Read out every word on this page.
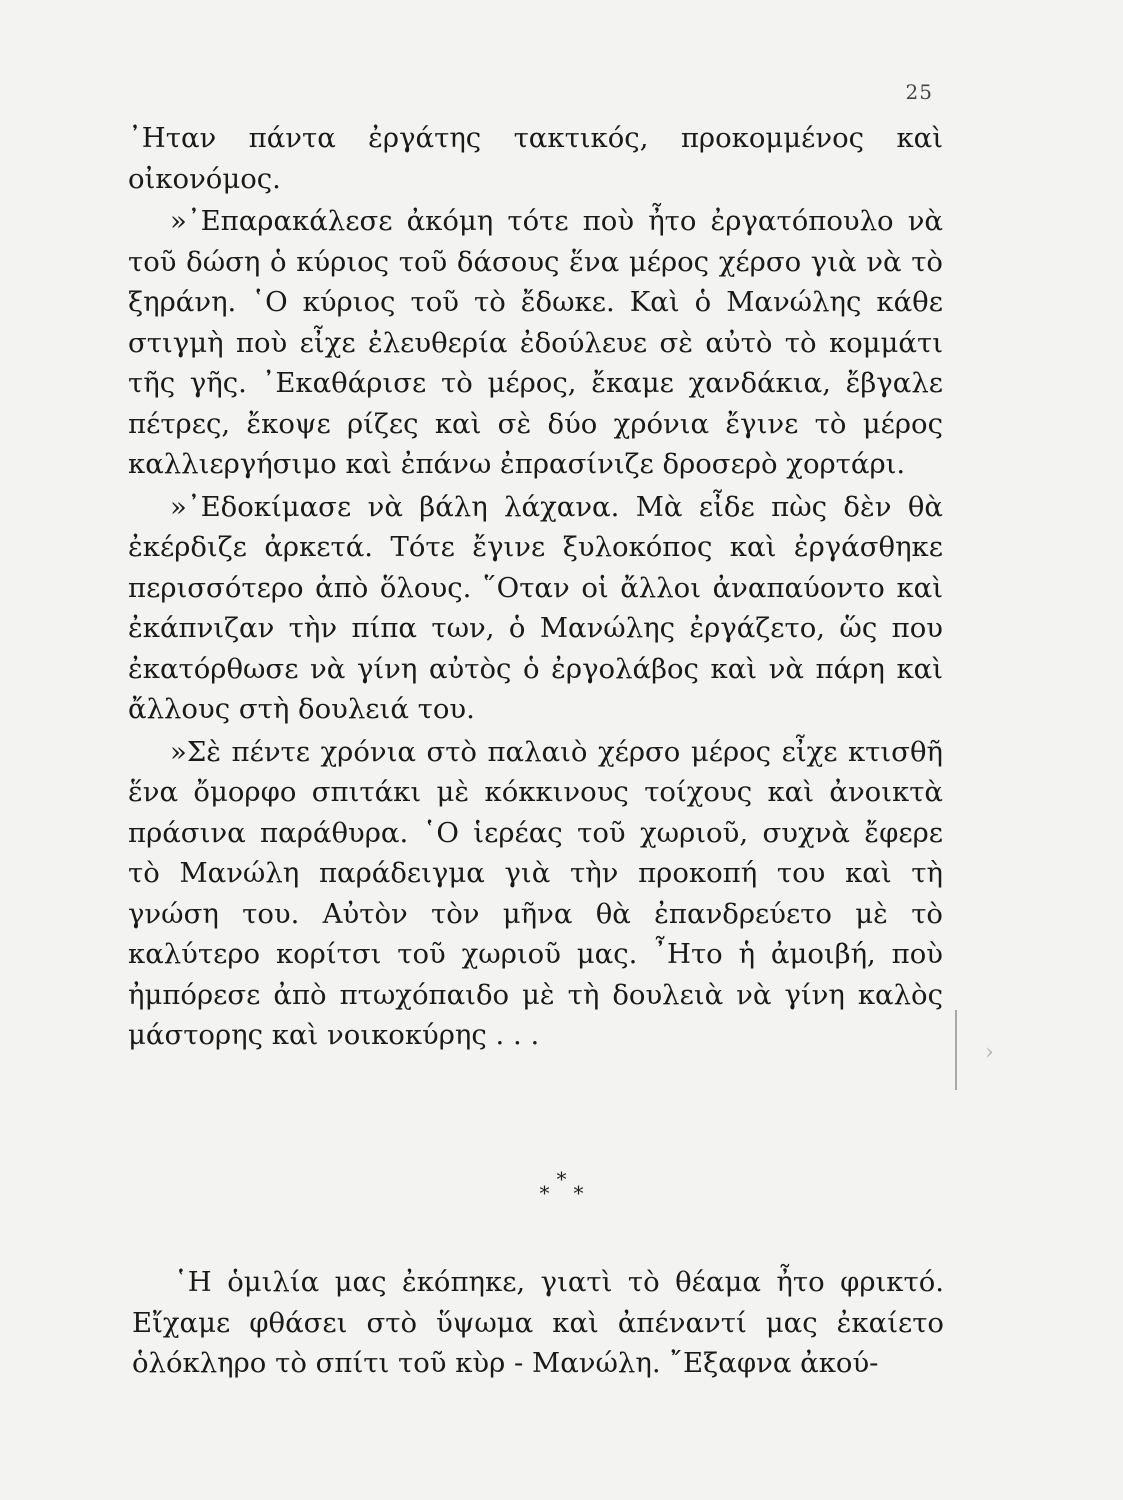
25

᾿Ηταν πάντα ἐργάτης τακτικός, προκομμένος καὶ οἰκονόμος.

»᾿Επαρακάλεσε ἀκόμη τότε ποὺ ἦτο ἐργατόπουλο νὰ τοῦ δώση ὁ κύριος τοῦ δάσους ἕνα μέρος χέρσο γιὰ νὰ τὸ ξηράνη. ῾Ο κύριος τοῦ τὸ ἔδωκε. Καὶ ὁ Μανώλης κάθε στιγμὴ ποὺ εἶχε ἐλευθερία ἐδούλευε σὲ αὐτὸ τὸ κομμάτι τῆς γῆς. ᾿Εκαθάρισε τὸ μέρος, ἔκαμε χανδάκια, ἔβγαλε πέτρες, ἔκοψε ρίζες καὶ σὲ δύο χρόνια ἔγινε τὸ μέρος καλλιεργήσιμο καὶ ἐπάνω ἐπρασίνιζε δροσερὸ χορτάρι.

»᾿Εδοκίμασε νὰ βάλη λάχανα. Μὰ εἶδε πὼς δὲν θὰ ἐκέρδιζε ἀρκετά. Τότε ἔγινε ξυλοκόπος καὶ ἐργάσθηκε περισσότερο ἀπὸ ὅλους. ῞Οταν οἱ ἄλλοι ἀναπαύοντο καὶ ἐκάπνιζαν τὴν πίπα των, ὁ Μανώλης ἐργάζετο, ὥς που ἐκατόρθωσε νὰ γίνη αὐτὸς ὁ ἐργολάβος καὶ νὰ πάρη καὶ ἄλλους στὴ δουλειά του.

»Σὲ πέντε χρόνια στὸ παλαιὸ χέρσο μέρος εἶχε κτισθῆ ἕνα ὄμορφο σπιτάκι μὲ κόκκινους τοίχους καὶ ἀνοικτὰ πράσινα παράθυρα. ῾Ο ἱερέας τοῦ χωριοῦ, συχνὰ ἔφερε τὸ Μανώλη παράδειγμα γιὰ τὴν προκοπή του καὶ τὴ γνώση του. Αὐτὸν τὸν μῆνα θὰ ἐπανδρεύετο μὲ τὸ καλύτερο κορίτσι τοῦ χωριοῦ μας. ῏Ητο ἡ ἀμοιβή, ποὺ ἠμπόρεσε ἀπὸ πτωχόπαιδο μὲ τὴ δουλειὰ νὰ γίνη καλὸς μάστορης καὶ νοικοκύρης . . .

›
*
* *
῾Η ὁμιλία μας ἐκόπηκε, γιατὶ τὸ θέαμα ἦτο φρικτό. Εἴχαμε φθάσει στὸ ὕψωμα καὶ ἀπέναντί μας ἐκαίετο ὁλόκληρο τὸ σπίτι τοῦ κὺρ - Μανώλη. ῎Εξαφνα ἀκού-
